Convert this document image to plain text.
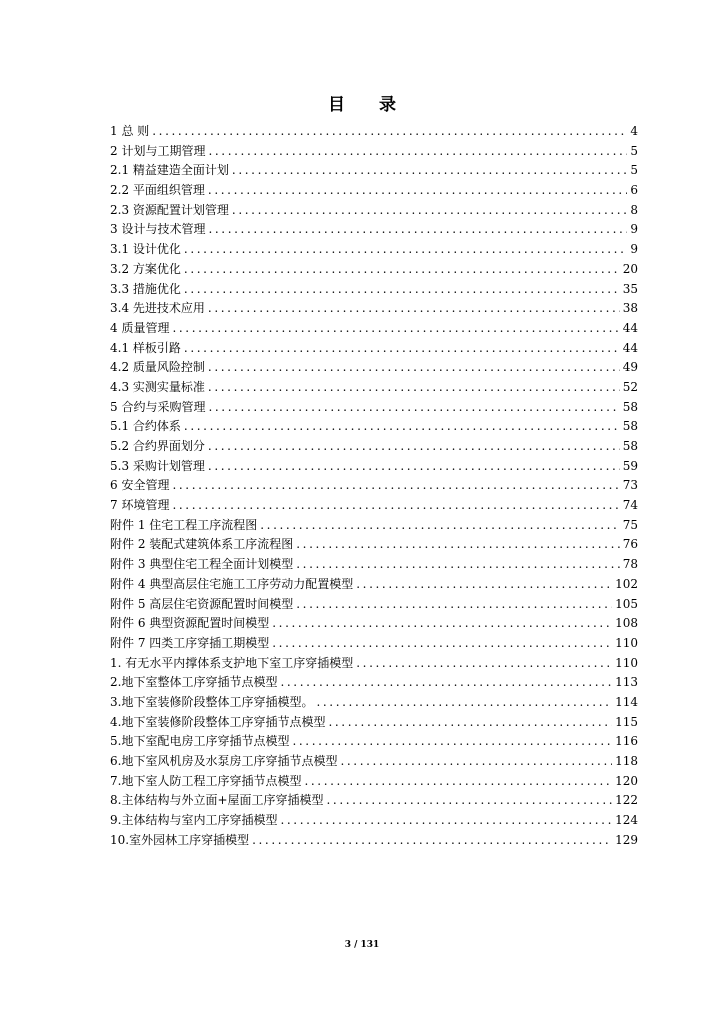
目 录
1 总 则 .....	4
2 计划与工期管理 .....	5
2.1 精益建造全面计划 .....	5
2.2 平面组织管理 .....	6
2.3 资源配置计划管理 .....	8
3 设计与技术管理 .....	9
3.1 设计优化 .....	9
3.2 方案优化 .....	20
3.3 措施优化 .....	35
3.4 先进技术应用 .....	38
4 质量管理 .....	44
4.1 样板引路 .....	44
4.2 质量风险控制 .....	49
4.3 实测实量标准 .....	52
5 合约与采购管理 .....	58
5.1 合约体系 .....	58
5.2 合约界面划分 .....	58
5.3 采购计划管理 .....	59
6 安全管理 .....	73
7 环境管理 .....	74
附件 1 住宅工程工序流程图 .....	75
附件 2 装配式建筑体系工序流程图 .....	76
附件 3 典型住宅工程全面计划模型 .....	78
附件 4 典型高层住宅施工工序劳动力配置模型 .....	102
附件 5 高层住宅资源配置时间模型 .....	105
附件 6 典型资源配置时间模型 .....	108
附件 7 四类工序穿插工期模型 .....	110
1. 有无水平内撑体系支护地下室工序穿插模型 .....	110
2.地下室整体工序穿插节点模型 .....	113
3.地下室装修阶段整体工序穿插模型。 .....	114
4.地下室装修阶段整体工序穿插节点模型 .....	115
5.地下室配电房工序穿插节点模型 .....	116
6.地下室风机房及水泵房工序穿插节点模型 .....	118
7.地下室人防工程工序穿插节点模型 .....	120
8.主体结构与外立面+屋面工序穿插模型 .....	122
9.主体结构与室内工序穿插模型 .....	124
10.室外园林工序穿插模型 .....	129
3 / 131
